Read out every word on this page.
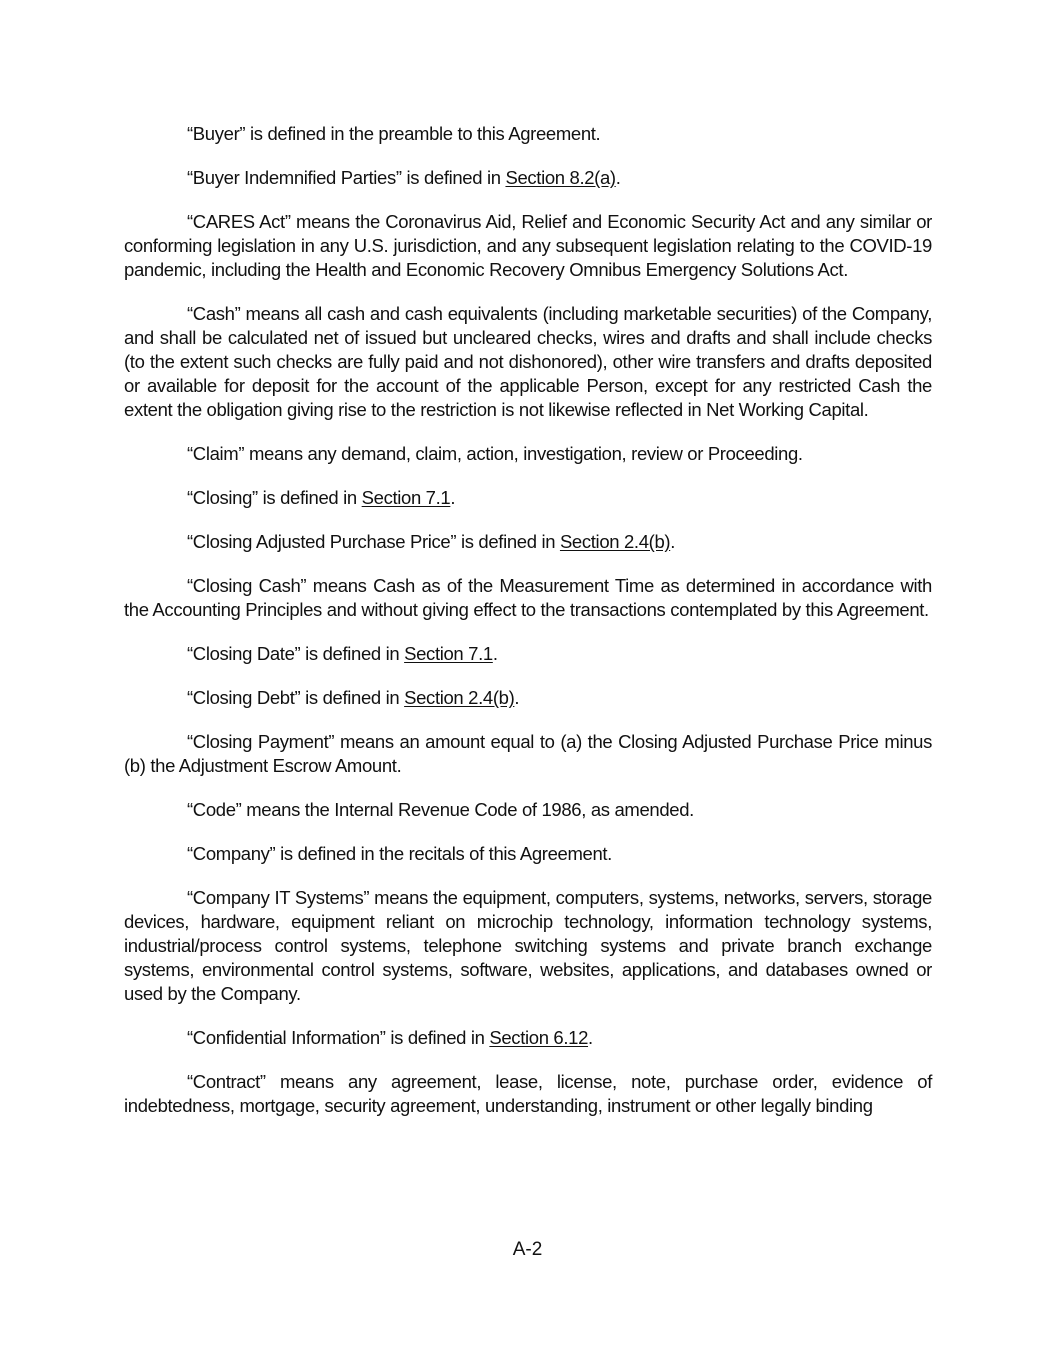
“Buyer” is defined in the preamble to this Agreement.

“Buyer Indemnified Parties” is defined in Section 8.2(a).

“CARES Act” means the Coronavirus Aid, Relief and Economic Security Act and any similar or conforming legislation in any U.S. jurisdiction, and any subsequent legislation relating to the COVID-19 pandemic, including the Health and Economic Recovery Omnibus Emergency Solutions Act.

“Cash” means all cash and cash equivalents (including marketable securities) of the Company, and shall be calculated net of issued but uncleared checks, wires and drafts and shall include checks (to the extent such checks are fully paid and not dishonored), other wire transfers and drafts deposited or available for deposit for the account of the applicable Person, except for any restricted Cash the extent the obligation giving rise to the restriction is not likewise reflected in Net Working Capital.

“Claim” means any demand, claim, action, investigation, review or Proceeding.

“Closing” is defined in Section 7.1.

“Closing Adjusted Purchase Price” is defined in Section 2.4(b).

“Closing Cash” means Cash as of the Measurement Time as determined in accordance with the Accounting Principles and without giving effect to the transactions contemplated by this Agreement.

“Closing Date” is defined in Section 7.1.

“Closing Debt” is defined in Section 2.4(b).

“Closing Payment” means an amount equal to (a) the Closing Adjusted Purchase Price minus (b) the Adjustment Escrow Amount.

“Code” means the Internal Revenue Code of 1986, as amended.

“Company” is defined in the recitals of this Agreement.

“Company IT Systems” means the equipment, computers, systems, networks, servers, storage devices, hardware, equipment reliant on microchip technology, information technology systems, industrial/process control systems, telephone switching systems and private branch exchange systems, environmental control systems, software, websites, applications, and databases owned or used by the Company.

“Confidential Information” is defined in Section 6.12.

“Contract” means any agreement, lease, license, note, purchase order, evidence of indebtedness, mortgage, security agreement, understanding, instrument or other legally binding

A-2
